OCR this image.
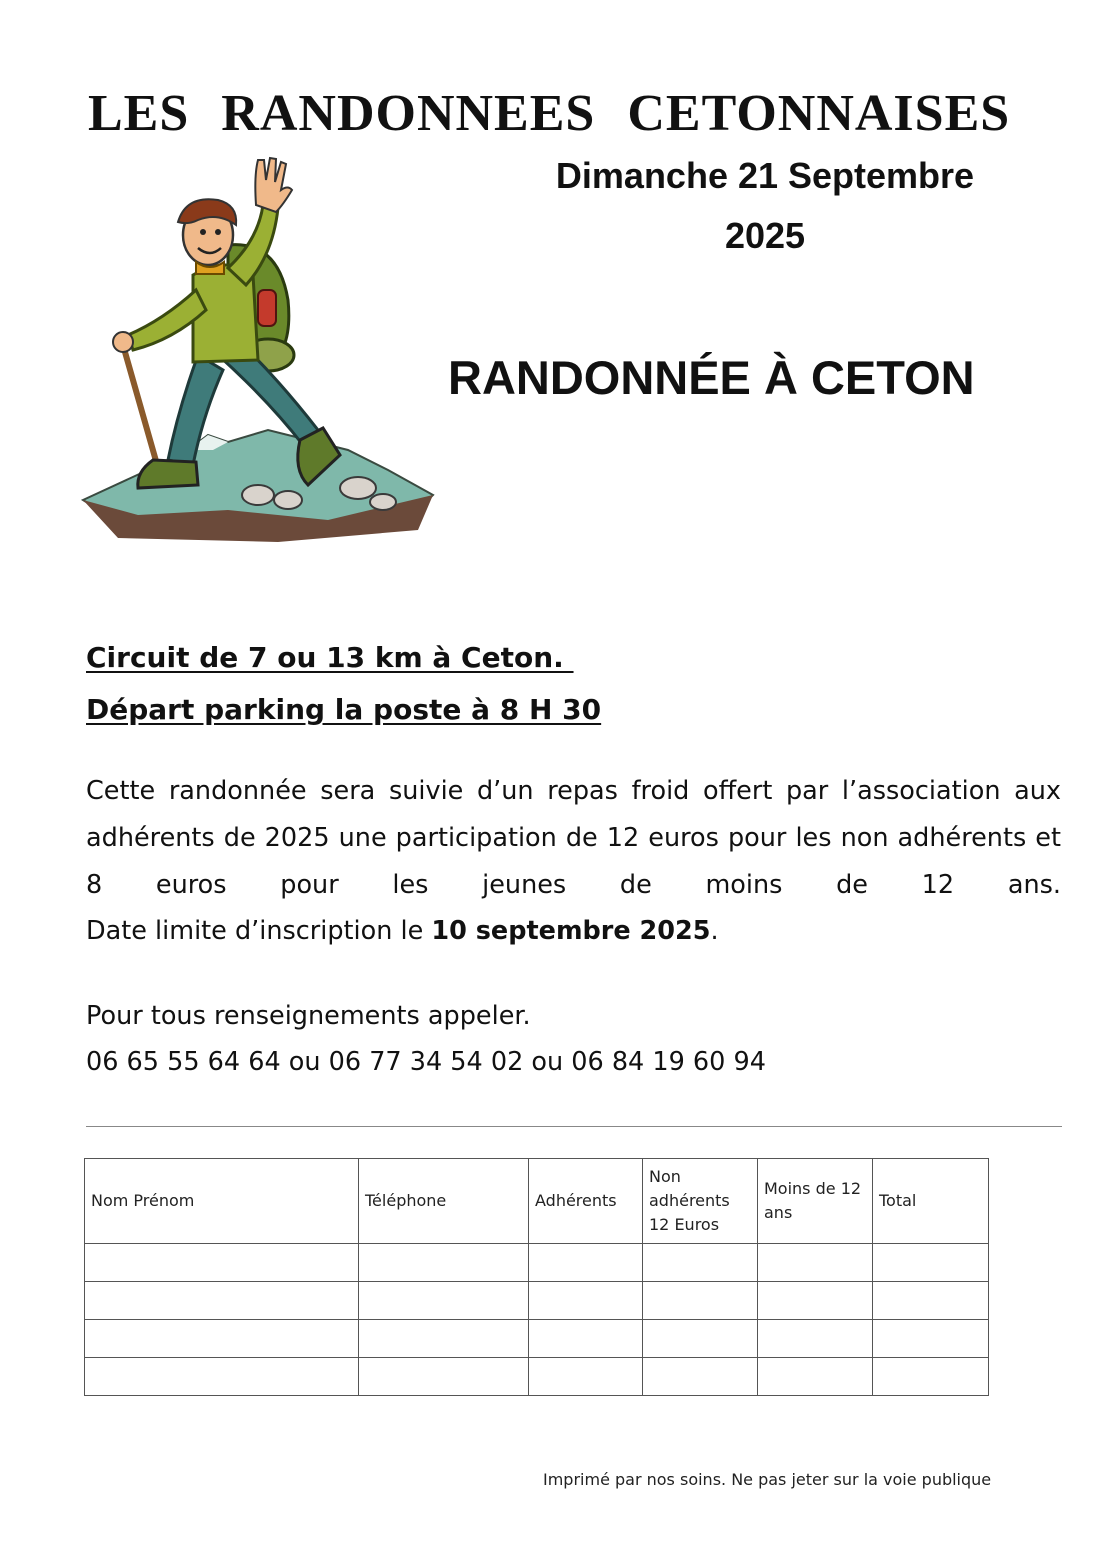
LES RANDONNEES CETONNAISES
Dimanche 21 Septembre
2025
RANDONNÉE À CETON
Circuit de 7 ou 13 km à Ceton.
Départ parking la poste à 8 H 30
Cette randonnée sera suivie d’un repas froid offert par l’association aux adhérents de 2025 une participation de 12 euros pour les non adhérents et 8 euros pour les jeunes de moins de 12 ans.
Date limite d’inscription le 10 septembre 2025.
Pour tous renseignements appeler.
06 65 55 64 64 ou 06 77 34 54 02 ou 06 84 19 60 94
Nom Prénom	Téléphone	Adhérents	Non adhérents 12 Euros	Moins de 12 ans	Total

Imprimé par nos soins. Ne pas jeter sur la voie publique
